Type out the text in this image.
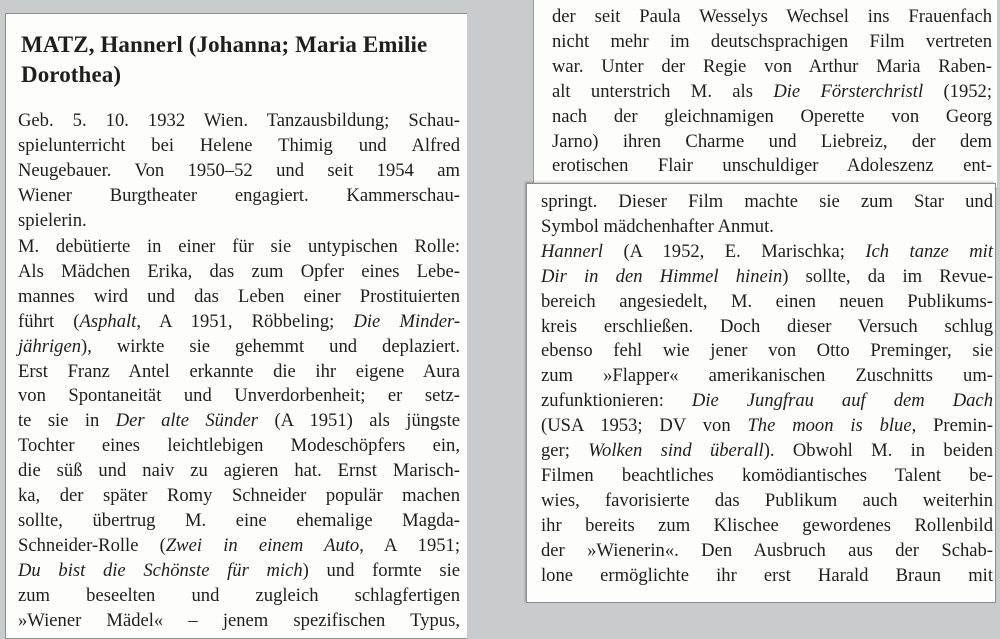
MATZ, Hannerl (Johanna; Maria Emilie
Dorothea)
Geb. 5. 10. 1932 Wien. Tanzausbildung; Schau-
spielunterricht bei Helene Thimig und Alfred
Neugebauer. Von 1950–52 und seit 1954 am
Wiener Burgtheater engagiert. Kammerschau-
spielerin.
M. debütierte in einer für sie untypischen Rolle:
Als Mädchen Erika, das zum Opfer eines Lebe-
mannes wird und das Leben einer Prostituierten
führt (Asphalt, A 1951, Röbbeling; Die Minder-
jährigen), wirkte sie gehemmt und deplaziert.
Erst Franz Antel erkannte die ihr eigene Aura
von Spontaneität und Unverdorbenheit; er setz-
te sie in Der alte Sünder (A 1951) als jüngste
Tochter eines leichtlebigen Modeschöpfers ein,
die süß und naiv zu agieren hat. Ernst Marisch-
ka, der später Romy Schneider populär machen
sollte, übertrug M. eine ehemalige Magda-
Schneider-Rolle (Zwei in einem Auto, A 1951;
Du bist die Schönste für mich) und formte sie
zum beseelten und zugleich schlagfertigen
»Wiener Mädel« – jenem spezifischen Typus,
der seit Paula Wesselys Wechsel ins Frauenfach
nicht mehr im deutschsprachigen Film vertreten
war. Unter der Regie von Arthur Maria Raben-
alt unterstrich M. als Die Försterchristl (1952;
nach der gleichnamigen Operette von Georg
Jarno) ihren Charme und Liebreiz, der dem
erotischen Flair unschuldiger Adoleszenz ent-
springt. Dieser Film machte sie zum Star und
Symbol mädchenhafter Anmut.
Hannerl (A 1952, E. Marischka; Ich tanze mit
Dir in den Himmel hinein) sollte, da im Revue-
bereich angesiedelt, M. einen neuen Publikums-
kreis erschließen. Doch dieser Versuch schlug
ebenso fehl wie jener von Otto Preminger, sie
zum »Flapper« amerikanischen Zuschnitts um-
zufunktionieren: Die Jungfrau auf dem Dach
(USA 1953; DV von The moon is blue, Premin-
ger; Wolken sind überall). Obwohl M. in beiden
Filmen beachtliches komödiantisches Talent be-
wies, favorisierte das Publikum auch weiterhin
ihr bereits zum Klischee gewordenes Rollenbild
der »Wienerin«. Den Ausbruch aus der Schab-
lone ermöglichte ihr erst Harald Braun mit
